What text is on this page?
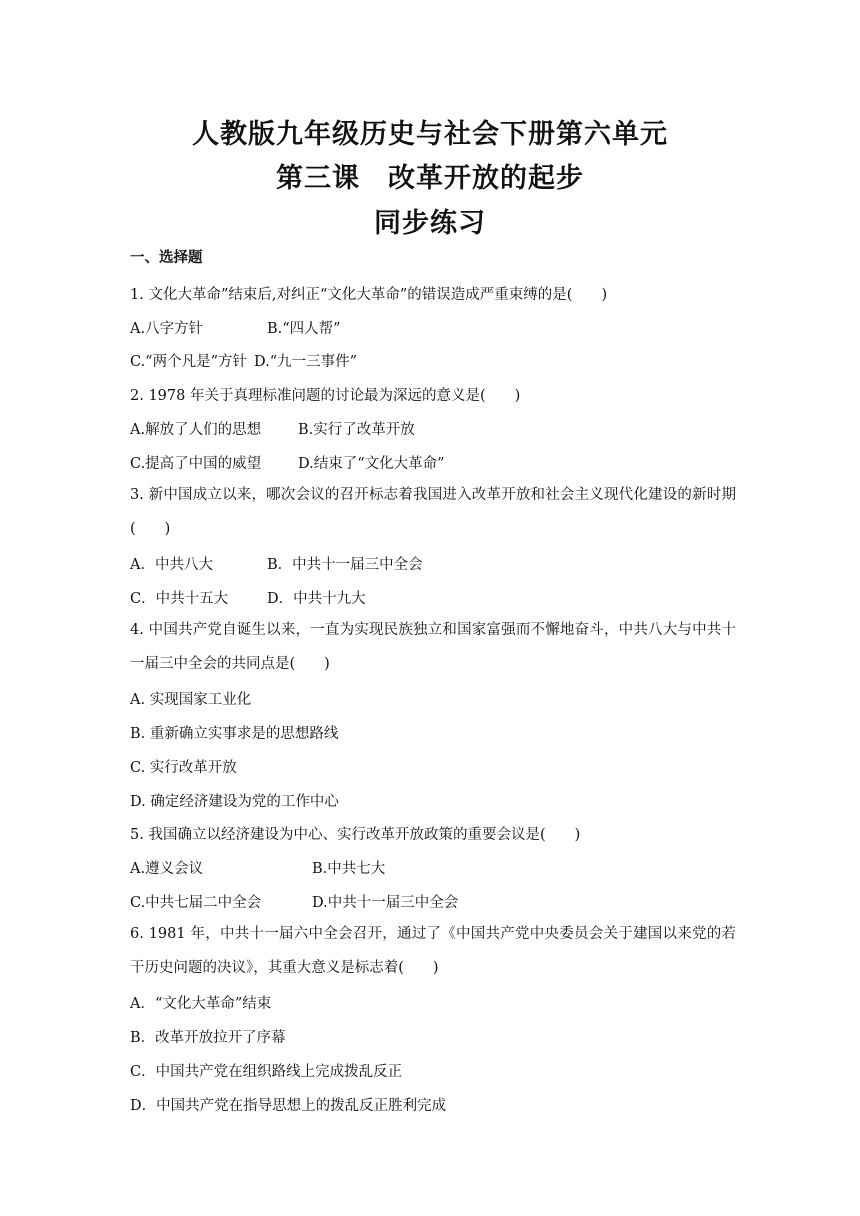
人教版九年级历史与社会下册第六单元
第三课　改革开放的起步
同步练习
一、选择题
1. 文化大革命”结束后,对纠正“文化大革命”的错误造成严重束缚的是(　　)
A.八字方针	B.“四人帮”
C.“两个凡是”方针 D.“九一三事件”
2. 1978 年关于真理标准问题的讨论最为深远的意义是(　　)
A.解放了人们的思想	B.实行了改革开放
C.提高了中国的威望	D.结束了“文化大革命”
3. 新中国成立以来，哪次会议的召开标志着我国进入改革开放和社会主义现代化建设的新时期(　　)
A．中共八大	B．中共十一届三中全会
C．中共十五大	D．中共十九大
4. 中国共产党自诞生以来，一直为实现民族独立和国家富强而不懈地奋斗，中共八大与中共十一届三中全会的共同点是(　　)
A. 实现国家工业化
B. 重新确立实事求是的思想路线
C. 实行改革开放
D. 确定经济建设为党的工作中心
5. 我国确立以经济建设为中心、实行改革开放政策的重要会议是(　　)
A.遵义会议	B.中共七大
C.中共七届二中全会	D.中共十一届三中全会
6. 1981 年，中共十一届六中全会召开，通过了《中国共产党中央委员会关于建国以来党的若干历史问题的决议》，其重大意义是标志着(　　)
A．“文化大革命”结束
B．改革开放拉开了序幕
C．中国共产党在组织路线上完成拨乱反正
D．中国共产党在指导思想上的拨乱反正胜利完成
